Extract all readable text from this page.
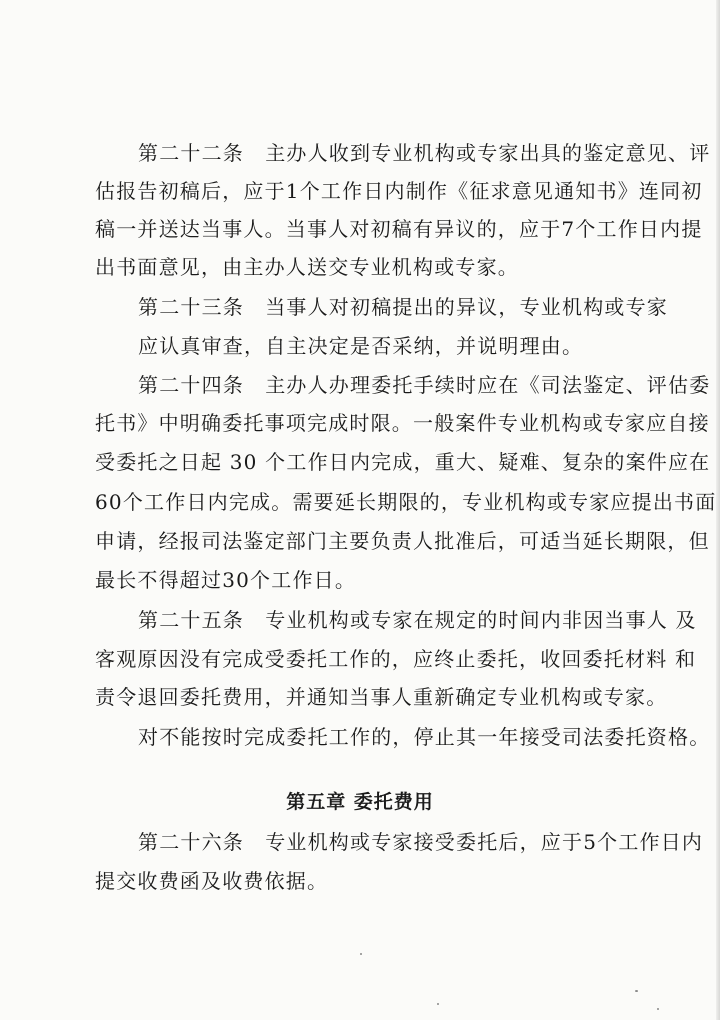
第二十二条　主办人收到专业机构或专家出具的鉴定意见、评
估报告初稿后，应于1个工作日内制作《征求意见通知书》连同初
稿一并送达当事人。当事人对初稿有异议的，应于7个工作日内提
出书面意见，由主办人送交专业机构或专家。
第二十三条　当事人对初稿提出的异议，专业机构或专家
应认真审查，自主决定是否采纳，并说明理由。
第二十四条　主办人办理委托手续时应在《司法鉴定、评估委
托书》中明确委托事项完成时限。一般案件专业机构或专家应自接
受委托之日起 30 个工作日内完成，重大、疑难、复杂的案件应在
60个工作日内完成。需要延长期限的，专业机构或专家应提出书面
申请，经报司法鉴定部门主要负责人批准后，可适当延长期限，但
最长不得超过30个工作日。
第二十五条　专业机构或专家在规定的时间内非因当事人 及
客观原因没有完成受委托工作的，应终止委托，收回委托材料 和
责令退回委托费用，并通知当事人重新确定专业机构或专家。
对不能按时完成委托工作的，停止其一年接受司法委托资格。
第五章 委托费用
第二十六条　专业机构或专家接受委托后，应于5个工作日内
提交收费函及收费依据。
